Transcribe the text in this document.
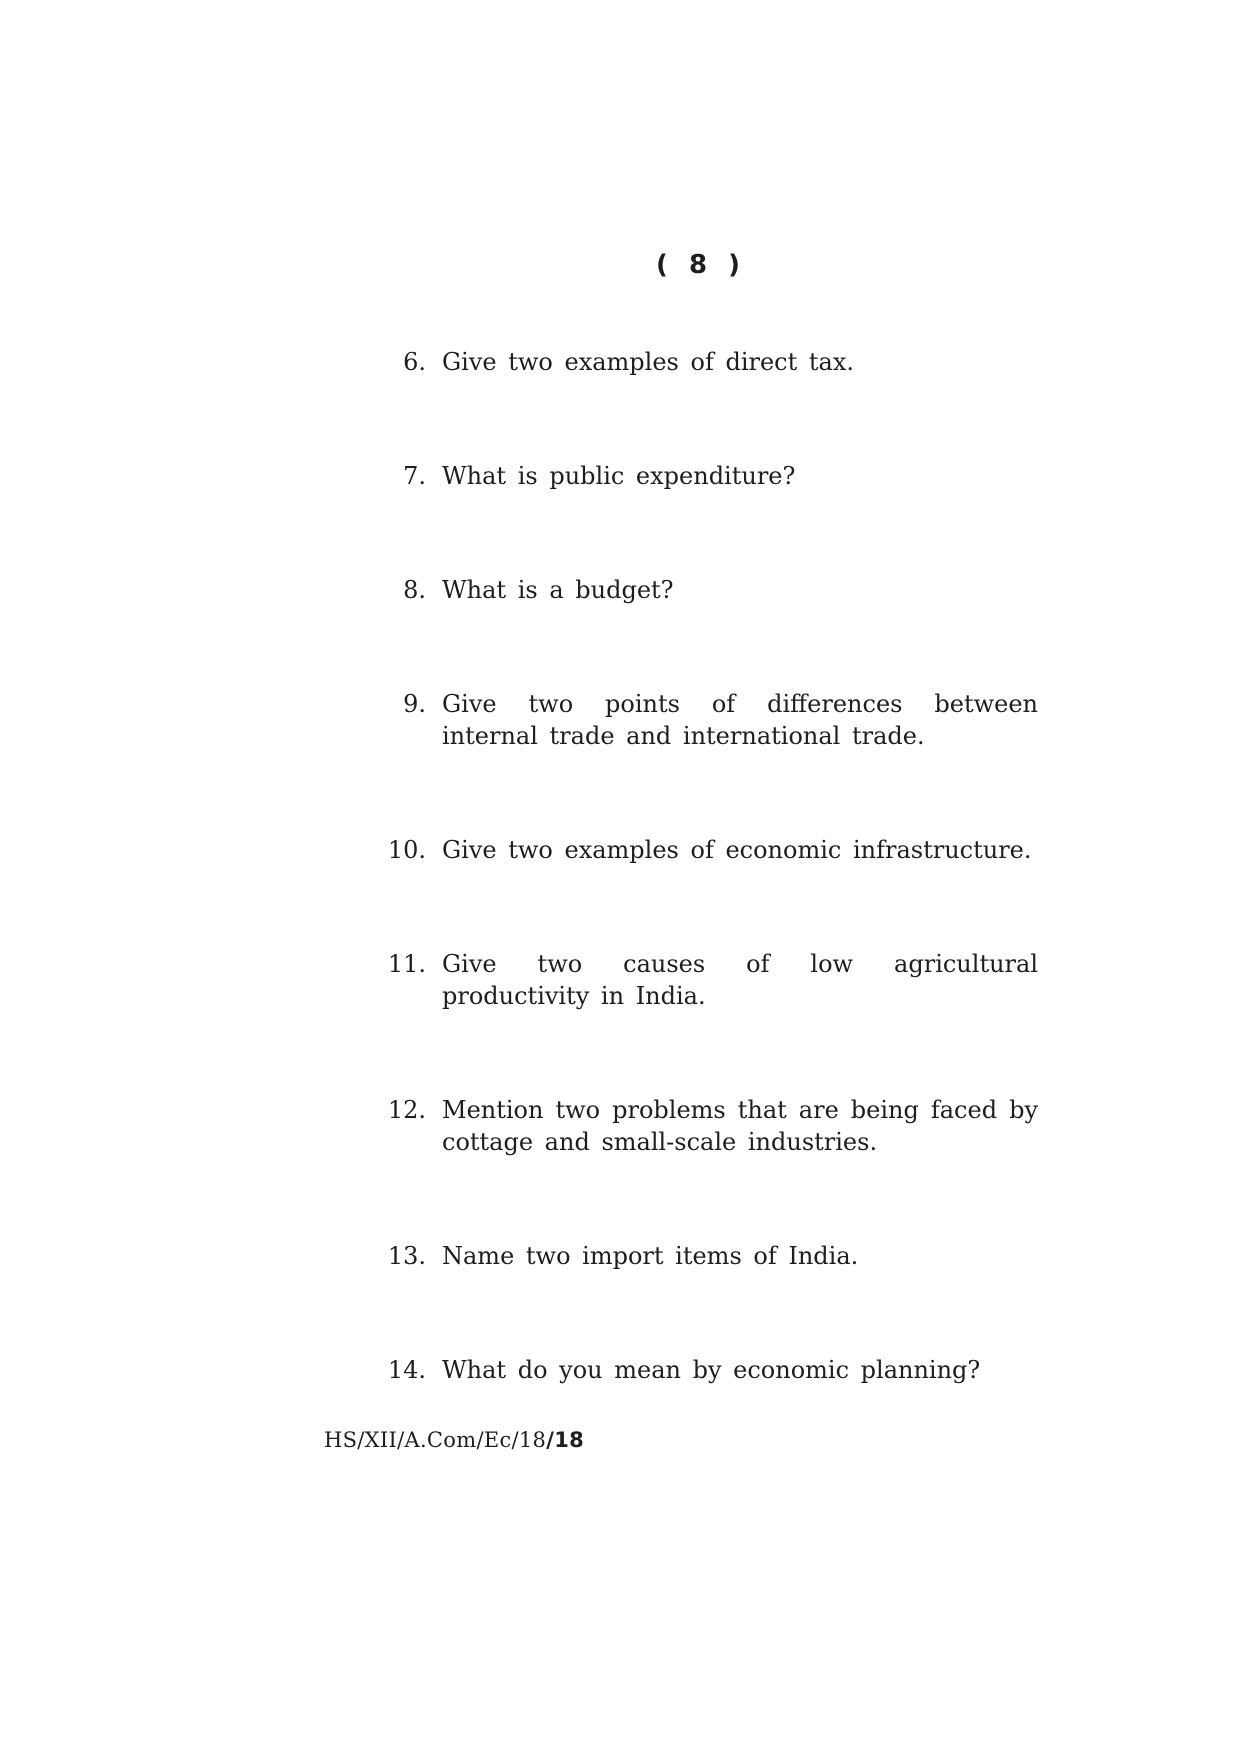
( 8 )
6. Give two examples of direct tax.
7. What is public expenditure?
8. What is a budget?
9. Give two points of differences between internal trade and international trade.
10. Give two examples of economic infrastructure.
11. Give two causes of low agricultural productivity in India.
12. Mention two problems that are being faced by cottage and small-scale industries.
13. Name two import items of India.
14. What do you mean by economic planning?
HS/XII/A.Com/Ec/18/18
